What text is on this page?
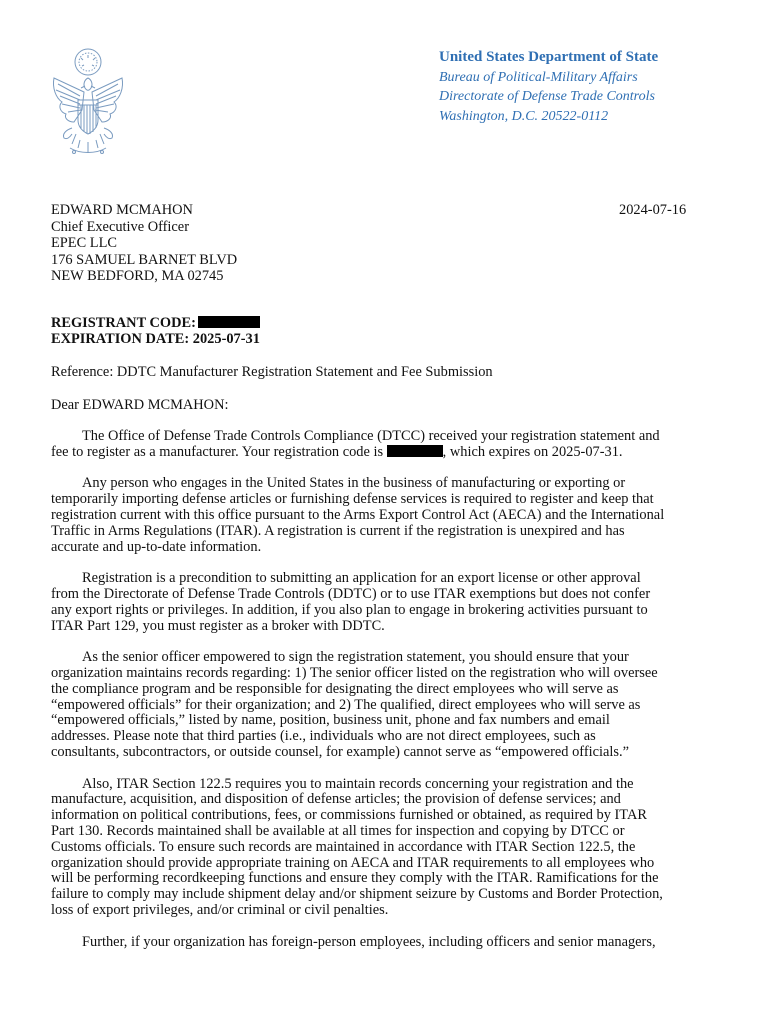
United States Department of State
Bureau of Political-Military Affairs
Directorate of Defense Trade Controls
Washington, D.C. 20522-0112
EDWARD MCMAHON
Chief Executive Officer
EPEC LLC
176 SAMUEL BARNET BLVD
NEW BEDFORD, MA 02745
2024-07-16
REGISTRANT CODE:
EXPIRATION DATE: 2025-07-31
Reference: DDTC Manufacturer Registration Statement and Fee Submission
Dear EDWARD MCMAHON:

The Office of Defense Trade Controls Compliance (DTCC) received your registration statement and
fee to register as a manufacturer. Your registration code is	, which expires on 2025-07-31.

Any person who engages in the United States in the business of manufacturing or exporting or
temporarily importing defense articles or furnishing defense services is required to register and keep that
registration current with this office pursuant to the Arms Export Control Act (AECA) and the International
Traffic in Arms Regulations (ITAR). A registration is current if the registration is unexpired and has
accurate and up-to-date information.

Registration is a precondition to submitting an application for an export license or other approval
from the Directorate of Defense Trade Controls (DDTC) or to use ITAR exemptions but does not confer
any export rights or privileges. In addition, if you also plan to engage in brokering activities pursuant to
ITAR Part 129, you must register as a broker with DDTC.

As the senior officer empowered to sign the registration statement, you should ensure that your
organization maintains records regarding: 1) The senior officer listed on the registration who will oversee
the compliance program and be responsible for designating the direct employees who will serve as
“empowered officials” for their organization; and 2) The qualified, direct employees who will serve as
“empowered officials,” listed by name, position, business unit, phone and fax numbers and email
addresses. Please note that third parties (i.e., individuals who are not direct employees, such as
consultants, subcontractors, or outside counsel, for example) cannot serve as “empowered officials.”

Also, ITAR Section 122.5 requires you to maintain records concerning your registration and the
manufacture, acquisition, and disposition of defense articles; the provision of defense services; and
information on political contributions, fees, or commissions furnished or obtained, as required by ITAR
Part 130. Records maintained shall be available at all times for inspection and copying by DTCC or
Customs officials. To ensure such records are maintained in accordance with ITAR Section 122.5, the
organization should provide appropriate training on AECA and ITAR requirements to all employees who
will be performing recordkeeping functions and ensure they comply with the ITAR. Ramifications for the
failure to comply may include shipment delay and/or shipment seizure by Customs and Border Protection,
loss of export privileges, and/or criminal or civil penalties.

Further, if your organization has foreign-person employees, including officers and senior managers,
